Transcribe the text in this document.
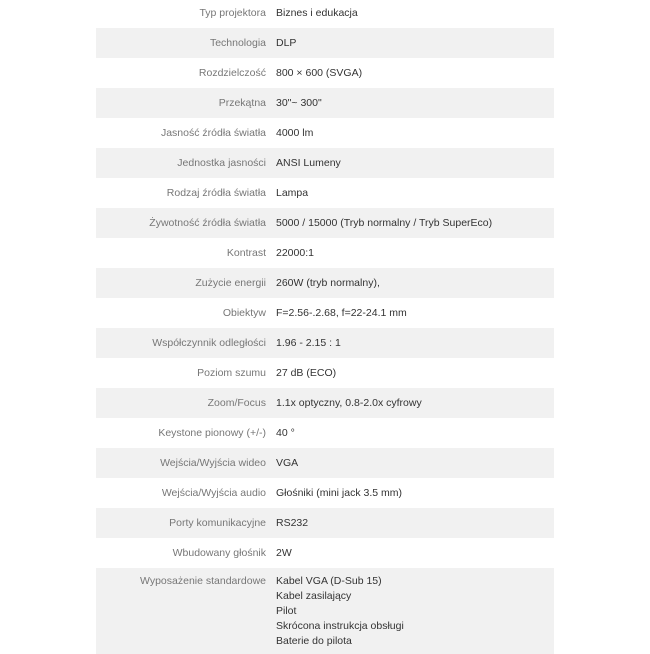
Typ projektora Biznes i edukacja
Technologia DLP
Rozdzielczość 800 × 600 (SVGA)
Przekątna 30"~ 300"
Jasność źródła światła 4000 lm
Jednostka jasności ANSI Lumeny
Rodzaj źródła światła Lampa
Żywotność źródła światła 5000 / 15000 (Tryb normalny / Tryb SuperEco)
Kontrast 22000:1
Zużycie energii 260W (tryb normalny),
Obiektyw F=2.56-.2.68, f=22-24.1 mm
Współczynnik odległości 1.96 - 2.15 : 1
Poziom szumu 27 dB (ECO)
Zoom/Focus 1.1x optyczny, 0.8-2.0x cyfrowy
Keystone pionowy (+/-) 40 °
Wejścia/Wyjścia wideo VGA
Wejścia/Wyjścia audio Głośniki (mini jack 3.5 mm)
Porty komunikacyjne RS232
Wbudowany głośnik 2W
Wyposażenie standardowe Kabel VGA (D-Sub 15)
Kabel zasilający
Pilot
Skrócona instrukcja obsługi
Baterie do pilota
